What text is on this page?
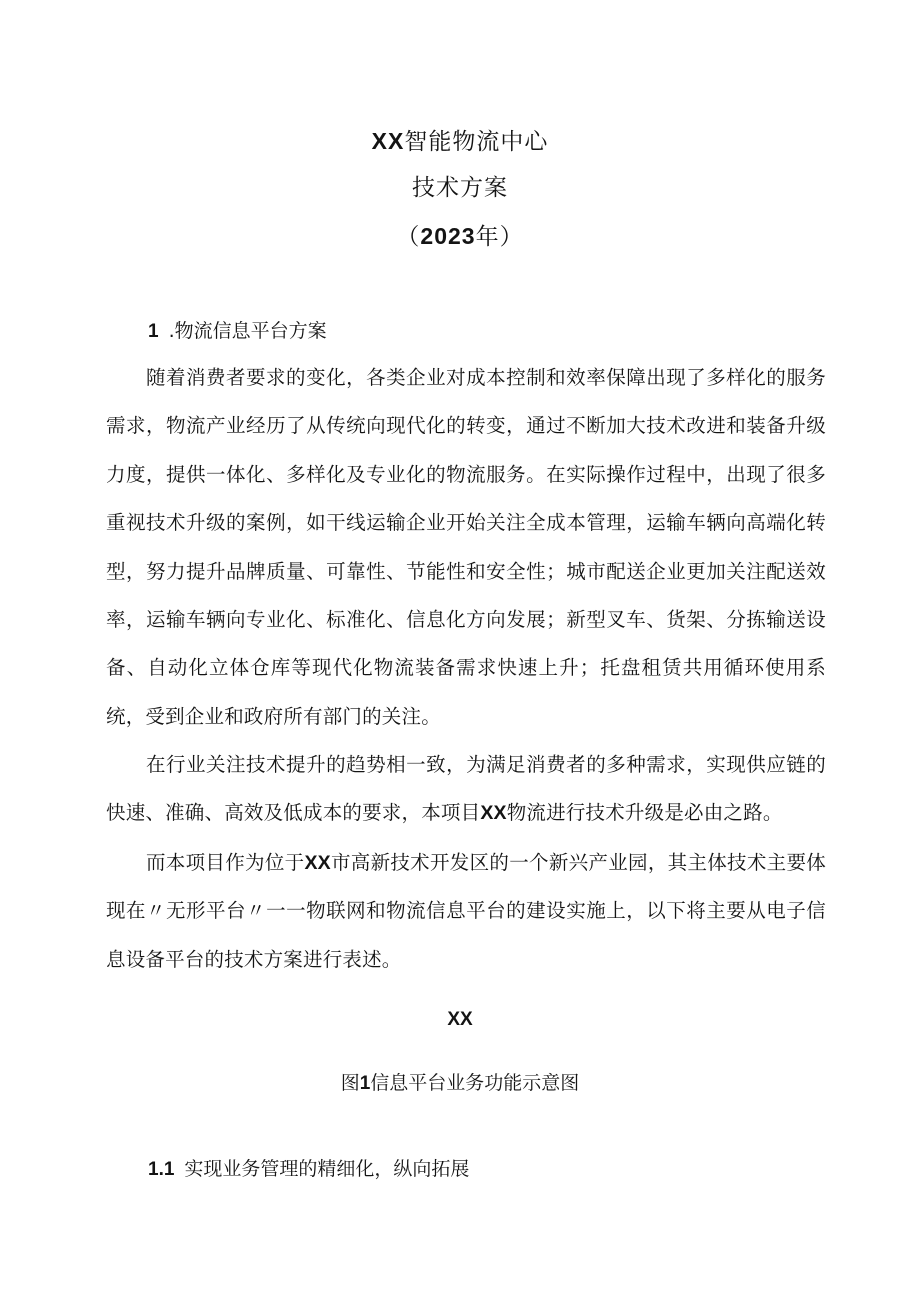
XX智能物流中心
技术方案
（2023年）
1 .物流信息平台方案

随着消费者要求的变化，各类企业对成本控制和效率保障出现了多样化的服务需求，物流产业经历了从传统向现代化的转变，通过不断加大技术改进和装备升级力度，提供一体化、多样化及专业化的物流服务。在实际操作过程中，出现了很多重视技术升级的案例，如干线运输企业开始关注全成本管理，运输车辆向高端化转型，努力提升品牌质量、可靠性、节能性和安全性；城市配送企业更加关注配送效率，运输车辆向专业化、标准化、信息化方向发展；新型叉车、货架、分拣输送设备、自动化立体仓库等现代化物流装备需求快速上升；托盘租赁共用循环使用系统，受到企业和政府所有部门的关注。

在行业关注技术提升的趋势相一致，为满足消费者的多种需求，实现供应链的快速、准确、高效及低成本的要求，本项目XX物流进行技术升级是必由之路。

而本项目作为位于XX市高新技术开发区的一个新兴产业园，其主体技术主要体现在〃无形平台〃一一物联网和物流信息平台的建设实施上，以下将主要从电子信息设备平台的技术方案进行表述。

XX
图1信息平台业务功能示意图
1.1 实现业务管理的精细化，纵向拓展
